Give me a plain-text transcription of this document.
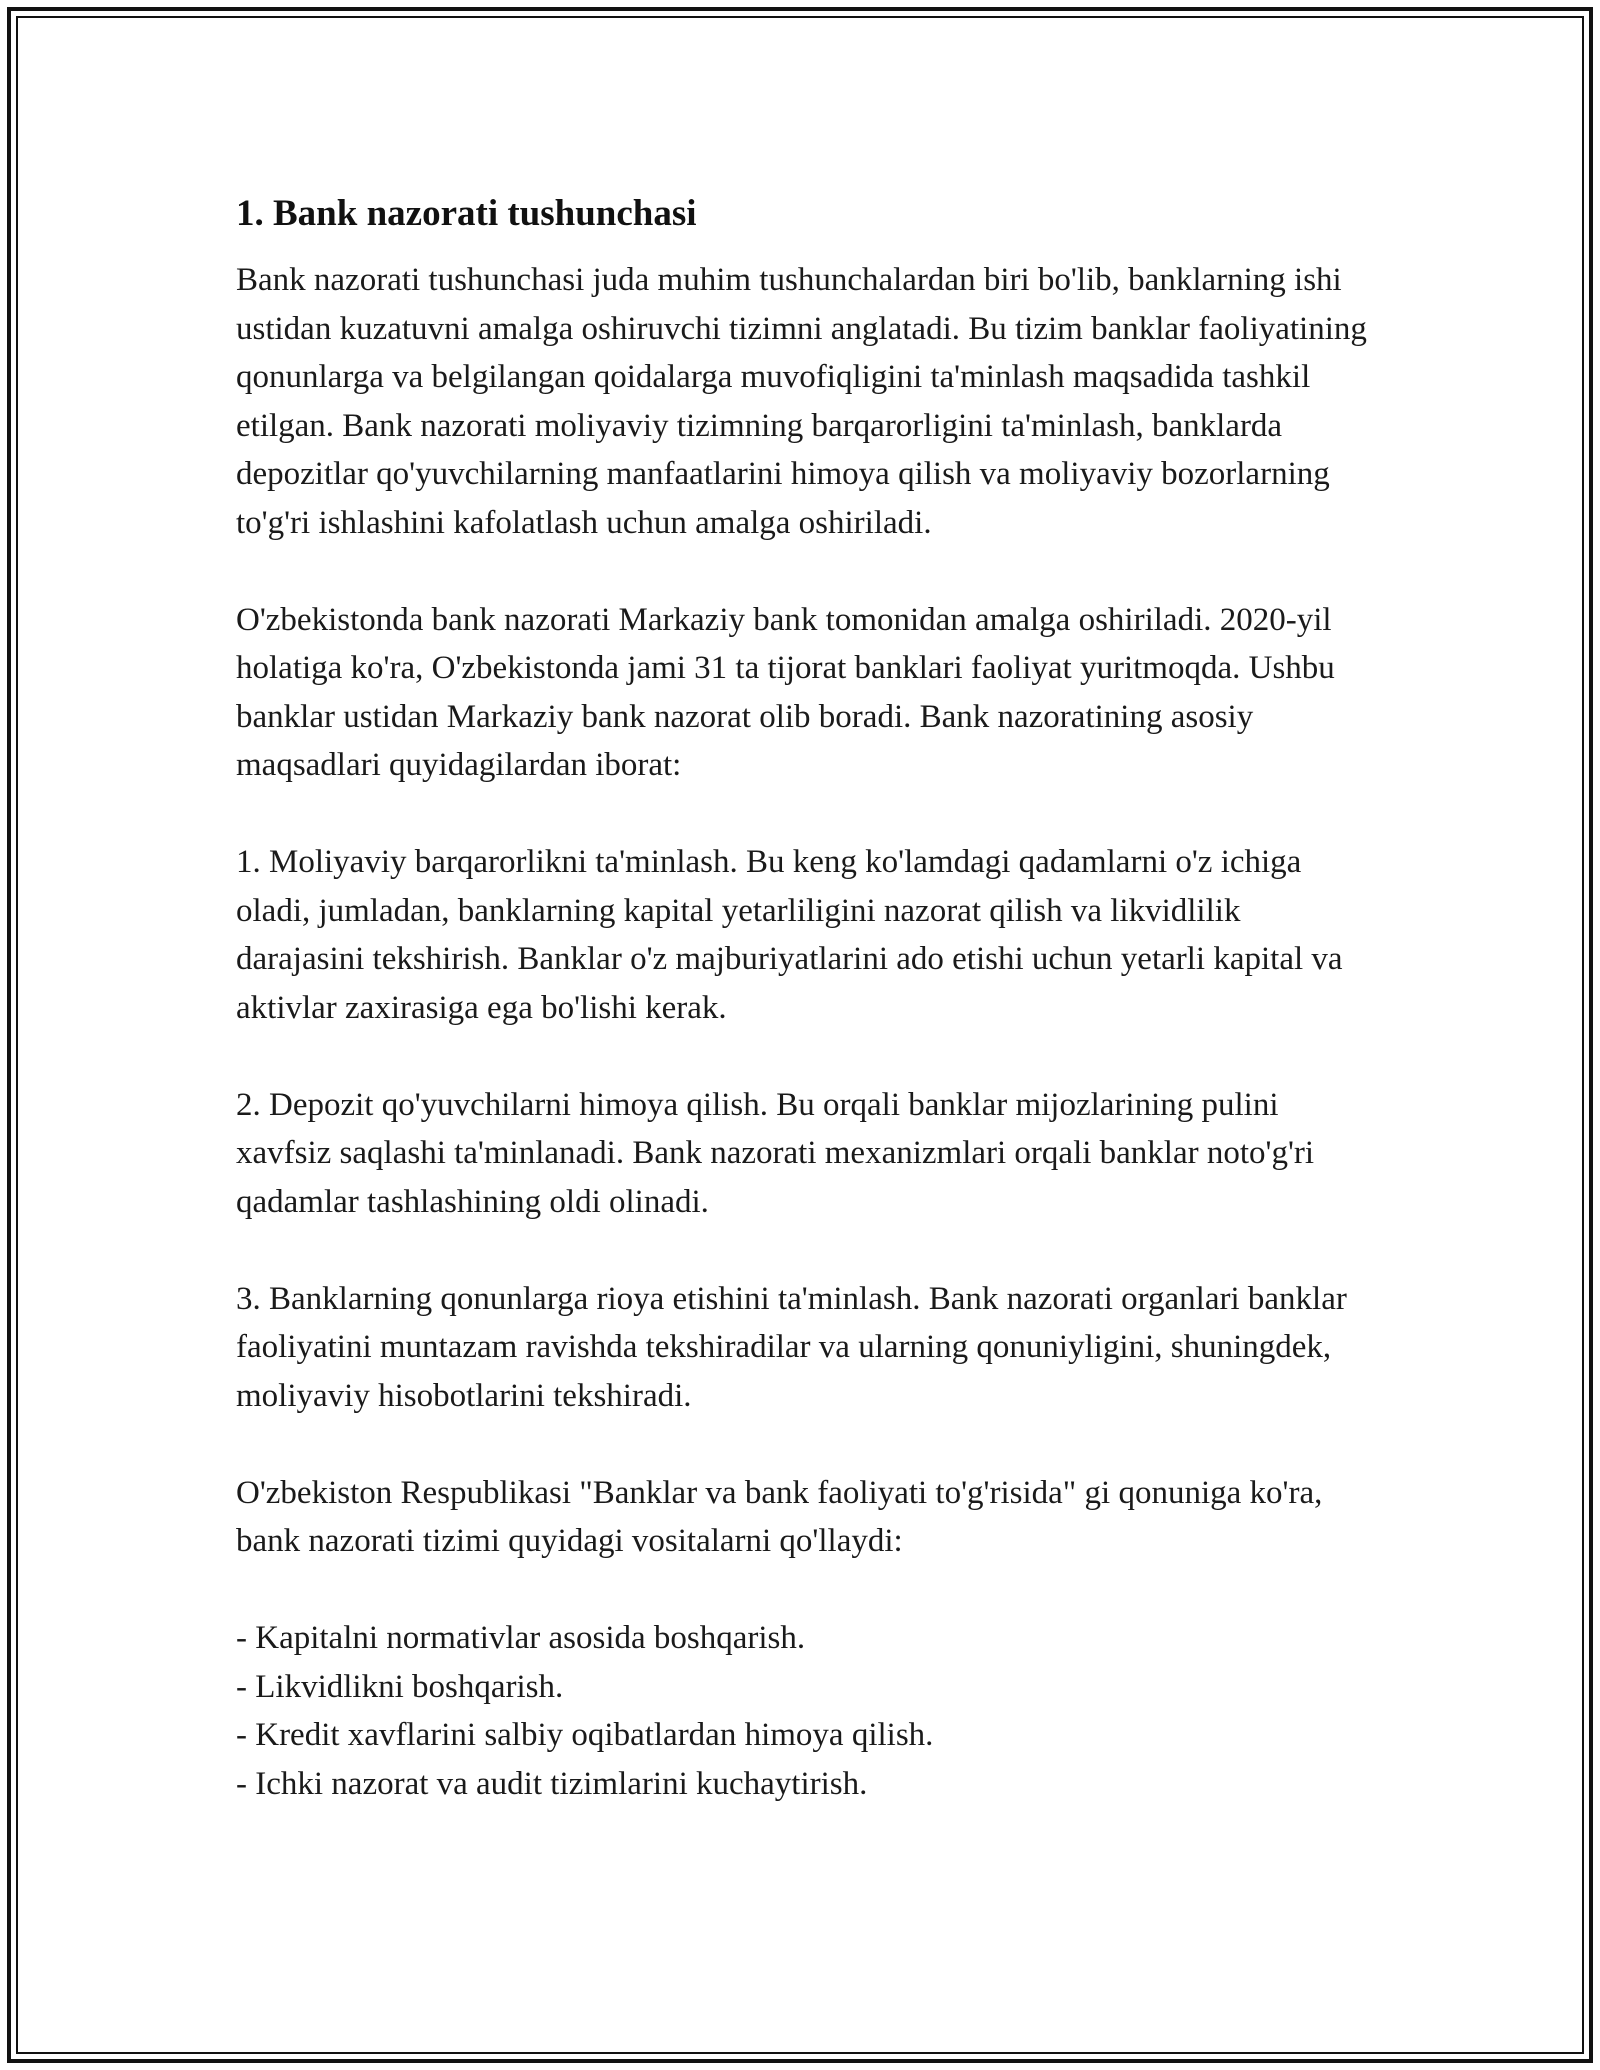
1. Bank nazorati tushunchasi

Bank nazorati tushunchasi juda muhim tushunchalardan biri bo'lib, banklarning ishi ustidan kuzatuvni amalga oshiruvchi tizimni anglatadi. Bu tizim banklar faoliyatining qonunlarga va belgilangan qoidalarga muvofiqligini ta'minlash maqsadida tashkil etilgan. Bank nazorati moliyaviy tizimning barqarorligini ta'minlash, banklarda depozitlar qo'yuvchilarning manfaatlarini himoya qilish va moliyaviy bozorlarning to'g'ri ishlashini kafolatlash uchun amalga oshiriladi.

O'zbekistonda bank nazorati Markaziy bank tomonidan amalga oshiriladi. 2020-yil holatiga ko'ra, O'zbekistonda jami 31 ta tijorat banklari faoliyat yuritmoqda. Ushbu banklar ustidan Markaziy bank nazorat olib boradi. Bank nazoratining asosiy maqsadlari quyidagilardan iborat:

1. Moliyaviy barqarorlikni ta'minlash. Bu keng ko'lamdagi qadamlarni o'z ichiga oladi, jumladan, banklarning kapital yetarliligini nazorat qilish va likvidlilik darajasini tekshirish. Banklar o'z majburiyatlarini ado etishi uchun yetarli kapital va aktivlar zaxirasiga ega bo'lishi kerak.

2. Depozit qo'yuvchilarni himoya qilish. Bu orqali banklar mijozlarining pulini xavfsiz saqlashi ta'minlanadi. Bank nazorati mexanizmlari orqali banklar noto'g'ri qadamlar tashlashining oldi olinadi.

3. Banklarning qonunlarga rioya etishini ta'minlash. Bank nazorati organlari banklar faoliyatini muntazam ravishda tekshiradilar va ularning qonuniyligini, shuningdek, moliyaviy hisobotlarini tekshiradi.

O'zbekiston Respublikasi "Banklar va bank faoliyati to'g'risida" gi qonuniga ko'ra, bank nazorati tizimi quyidagi vositalarni qo'llaydi:

- Kapitalni normativlar asosida boshqarish.
- Likvidlikni boshqarish.
- Kredit xavflarini salbiy oqibatlardan himoya qilish.
- Ichki nazorat va audit tizimlarini kuchaytirish.
